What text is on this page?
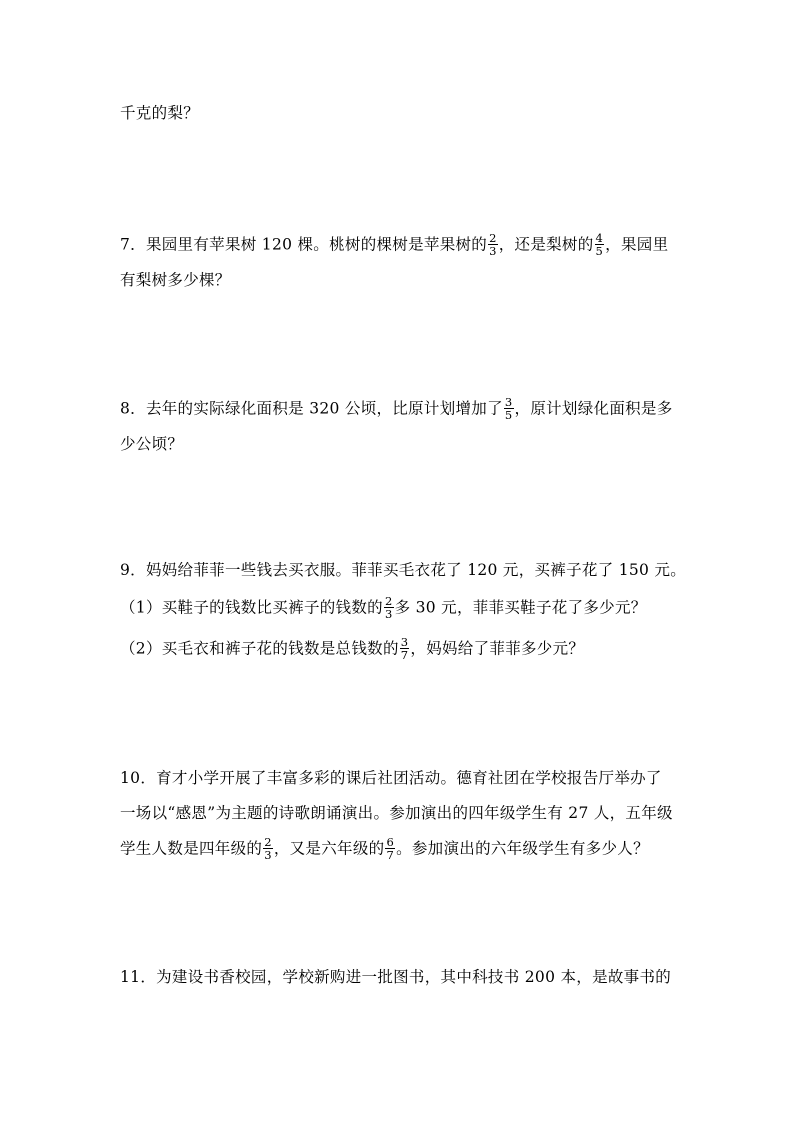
千克的梨？
7．果园里有苹果树 120 棵。桃树的棵树是苹果树的 $\frac{2}{3}$ ，还是梨树的 $\frac{4}{5}$ ，果园里
有梨树多少棵？
8．去年的实际绿化面积是 320 公顷，比原计划增加了 $\frac{3}{5}$ ，原计划绿化面积是多
少公顷？
9．妈妈给菲菲一些钱去买衣服。菲菲买毛衣花了 120 元，买裤子花了 150 元。
（1）买鞋子的钱数比买裤子的钱数的 $\frac{2}{3}$ 多 30 元，菲菲买鞋子花了多少元？
（2）买毛衣和裤子花的钱数是总钱数的 $\frac{3}{7}$ ，妈妈给了菲菲多少元？
10．育才小学开展了丰富多彩的课后社团活动。德育社团在学校报告厅举办了
一场以“感恩”为主题的诗歌朗诵演出。参加演出的四年级学生有 27 人，五年级
学生人数是四年级的 $\frac{2}{3}$ ，又是六年级的 $\frac{6}{7}$ 。参加演出的六年级学生有多少人？
11．为建设书香校园，学校新购进一批图书，其中科技书 200 本，是故事书的
